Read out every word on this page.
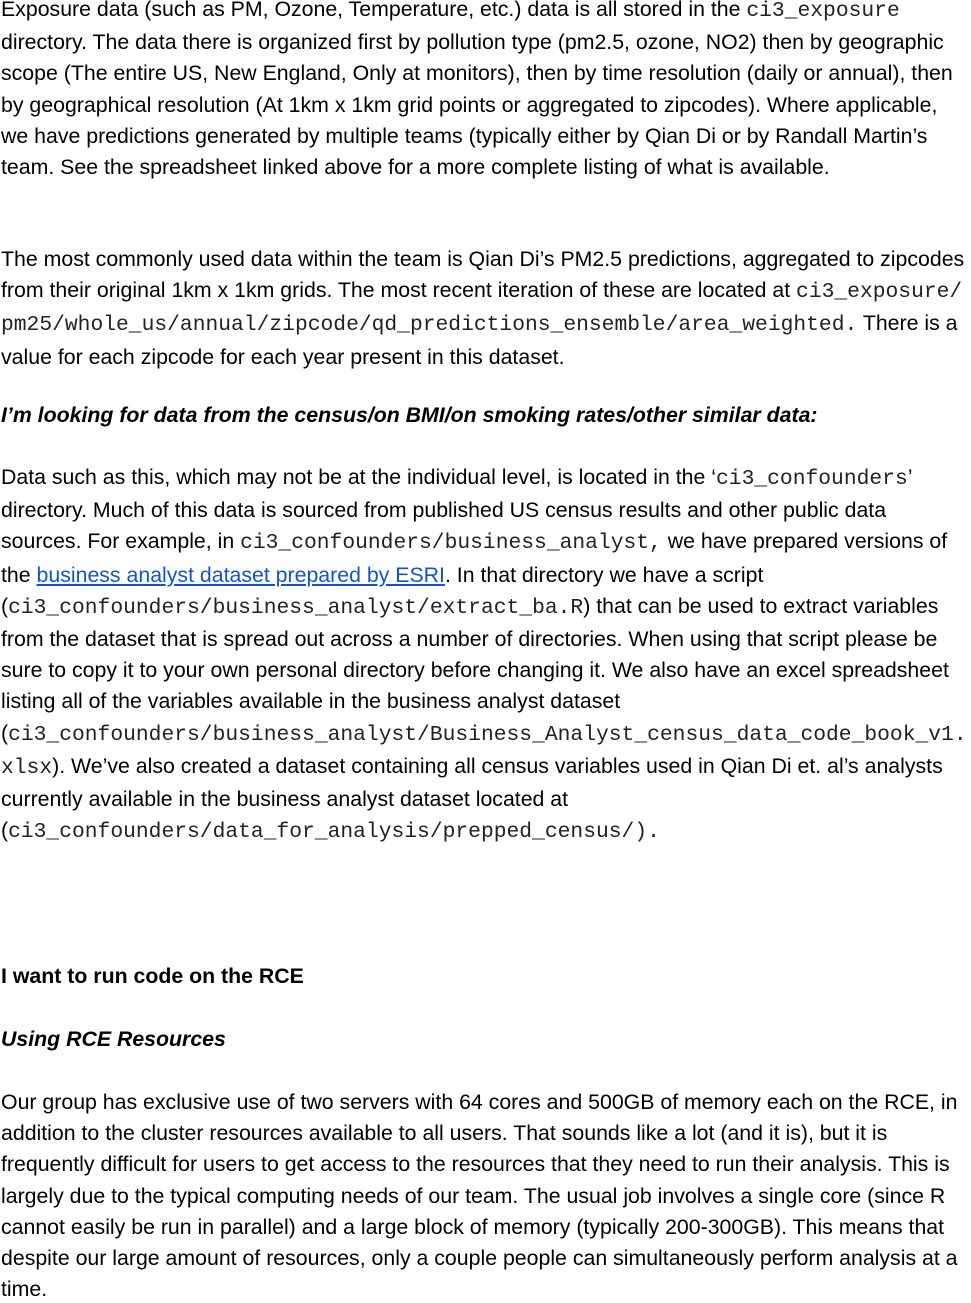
Exposure data (such as PM, Ozone, Temperature, etc.) data is all stored in the ci3_exposure directory. The data there is organized first by pollution type (pm2.5, ozone, NO2) then by geographic scope (The entire US, New England, Only at monitors), then by time resolution (daily or annual), then by geographical resolution (At 1km x 1km grid points or aggregated to zipcodes). Where applicable, we have predictions generated by multiple teams (typically either by Qian Di or by Randall Martin’s team. See the spreadsheet linked above for a more complete listing of what is available.

The most commonly used data within the team is Qian Di’s PM2.5 predictions, aggregated to zipcodes from their original 1km x 1km grids. The most recent iteration of these are located at ci3_exposure/pm25/whole_us/annual/zipcode/qd_predictions_ensemble/area_weighted. There is a value for each zipcode for each year present in this dataset.

I’m looking for data from the census/on BMI/on smoking rates/other similar data:

Data such as this, which may not be at the individual level, is located in the ‘ci3_confounders’ directory. Much of this data is sourced from published US census results and other public data sources. For example, in ci3_confounders/business_analyst, we have prepared versions of the business analyst dataset prepared by ESRI. In that directory we have a script (ci3_confounders/business_analyst/extract_ba.R) that can be used to extract variables from the dataset that is spread out across a number of directories. When using that script please be sure to copy it to your own personal directory before changing it. We also have an excel spreadsheet listing all of the variables available in the business analyst dataset
(ci3_confounders/business_analyst/Business_Analyst_census_data_code_book_v1.xlsx). We’ve also created a dataset containing all census variables used in Qian Di et. al’s analysts currently available in the business analyst dataset located at
(ci3_confounders/data_for_analysis/prepped_census/).

I want to run code on the RCE

Using RCE Resources

Our group has exclusive use of two servers with 64 cores and 500GB of memory each on the RCE, in addition to the cluster resources available to all users. That sounds like a lot (and it is), but it is frequently difficult for users to get access to the resources that they need to run their analysis. This is largely due to the typical computing needs of our team. The usual job involves a single core (since R cannot easily be run in parallel) and a large block of memory (typically 200-300GB). This means that despite our large amount of resources, only a couple people can simultaneously perform analysis at a time.
